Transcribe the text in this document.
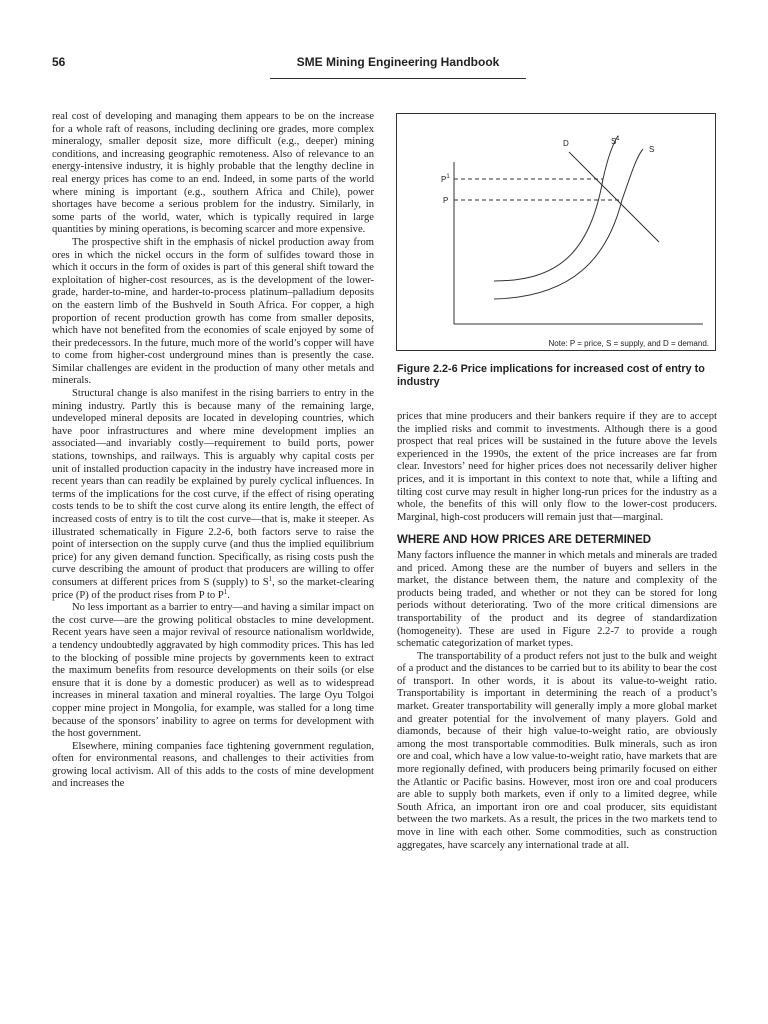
56	SME Mining Engineering Handbook

real cost of developing and managing them appears to be on the increase for a whole raft of reasons, including declining ore grades, more complex mineralogy, smaller deposit size, more difficult (e.g., deeper) mining conditions, and increasing geographic remoteness. Also of relevance to an energy-intensive industry, it is highly probable that the lengthy decline in real energy prices has come to an end. Indeed, in some parts of the world where mining is important (e.g., southern Africa and Chile), power shortages have become a serious problem for the industry. Similarly, in some parts of the world, water, which is typically required in large quantities by mining operations, is becoming scarcer and more expensive.

The prospective shift in the emphasis of nickel production away from ores in which the nickel occurs in the form of sulfides toward those in which it occurs in the form of oxides is part of this general shift toward the exploitation of higher-cost resources, as is the development of the lower-grade, harder-to-mine, and harder-to-process platinum–palladium deposits on the eastern limb of the Bushveld in South Africa. For copper, a high proportion of recent production growth has come from smaller deposits, which have not benefited from the economies of scale enjoyed by some of their predecessors. In the future, much more of the world’s copper will have to come from higher-cost underground mines than is presently the case. Similar challenges are evident in the production of many other metals and minerals.

Structural change is also manifest in the rising barriers to entry in the mining industry. Partly this is because many of the remaining large, undeveloped mineral deposits are located in developing countries, which have poor infrastructures and where mine development implies an associated—and invariably costly—requirement to build ports, power stations, townships, and railways. This is arguably why capital costs per unit of installed production capacity in the industry have increased more in recent years than can readily be explained by purely cyclical influences. In terms of the implications for the cost curve, if the effect of rising operating costs tends to be to shift the cost curve along its entire length, the effect of increased costs of entry is to tilt the cost curve—that is, make it steeper. As illustrated schematically in Figure 2.2-6, both factors serve to raise the point of intersection on the supply curve (and thus the implied equilibrium price) for any given demand function. Specifically, as rising costs push the curve describing the amount of product that producers are willing to offer consumers at different prices from S (supply) to $S^1$, so the market-clearing price (P) of the product rises from P to $P^1$.

No less important as a barrier to entry—and having a similar impact on the cost curve—are the growing political obstacles to mine development. Recent years have seen a major revival of resource nationalism worldwide, a tendency undoubtedly aggravated by high commodity prices. This has led to the blocking of possible mine projects by governments keen to extract the maximum benefits from resource developments on their soils (or else ensure that it is done by a domestic producer) as well as to widespread increases in mineral taxation and mineral royalties. The large Oyu Tolgoi copper mine project in Mongolia, for example, was stalled for a long time because of the sponsors’ inability to agree on terms for development with the host government.

Elsewhere, mining companies face tightening government regulation, often for environmental reasons, and challenges to their activities from growing local activism. All of this adds to the costs of mine development and increases the

D	$S^1$
S
$P^1$
P
Note: P = price, S = supply, and D = demand.
Figure 2.2-6 Price implications for increased cost of entry to industry

prices that mine producers and their bankers require if they are to accept the implied risks and commit to investments. Although there is a good prospect that real prices will be sustained in the future above the levels experienced in the 1990s, the extent of the price increases are far from clear. Investors’ need for higher prices does not necessarily deliver higher prices, and it is important in this context to note that, while a lifting and tilting cost curve may result in higher long-run prices for the industry as a whole, the benefits of this will only flow to the lower-cost producers. Marginal, high-cost producers will remain just that—marginal.

WHERE AND HOW PRICES ARE DETERMINED

Many factors influence the manner in which metals and minerals are traded and priced. Among these are the number of buyers and sellers in the market, the distance between them, the nature and complexity of the products being traded, and whether or not they can be stored for long periods without deteriorating. Two of the more critical dimensions are transportability of the product and its degree of standardization (homogeneity). These are used in Figure 2.2-7 to provide a rough schematic categorization of market types.

The transportability of a product refers not just to the bulk and weight of a product and the distances to be carried but to its ability to bear the cost of transport. In other words, it is about its value-to-weight ratio. Transportability is important in determining the reach of a product’s market. Greater transportability will generally imply a more global market and greater potential for the involvement of many players. Gold and diamonds, because of their high value-to-weight ratio, are obviously among the most transportable commodities. Bulk minerals, such as iron ore and coal, which have a low value-to-weight ratio, have markets that are more regionally defined, with producers being primarily focused on either the Atlantic or Pacific basins. However, most iron ore and coal producers are able to supply both markets, even if only to a limited degree, while South Africa, an important iron ore and coal producer, sits equidistant between the two markets. As a result, the prices in the two markets tend to move in line with each other. Some commodities, such as construction aggregates, have scarcely any international trade at all.
